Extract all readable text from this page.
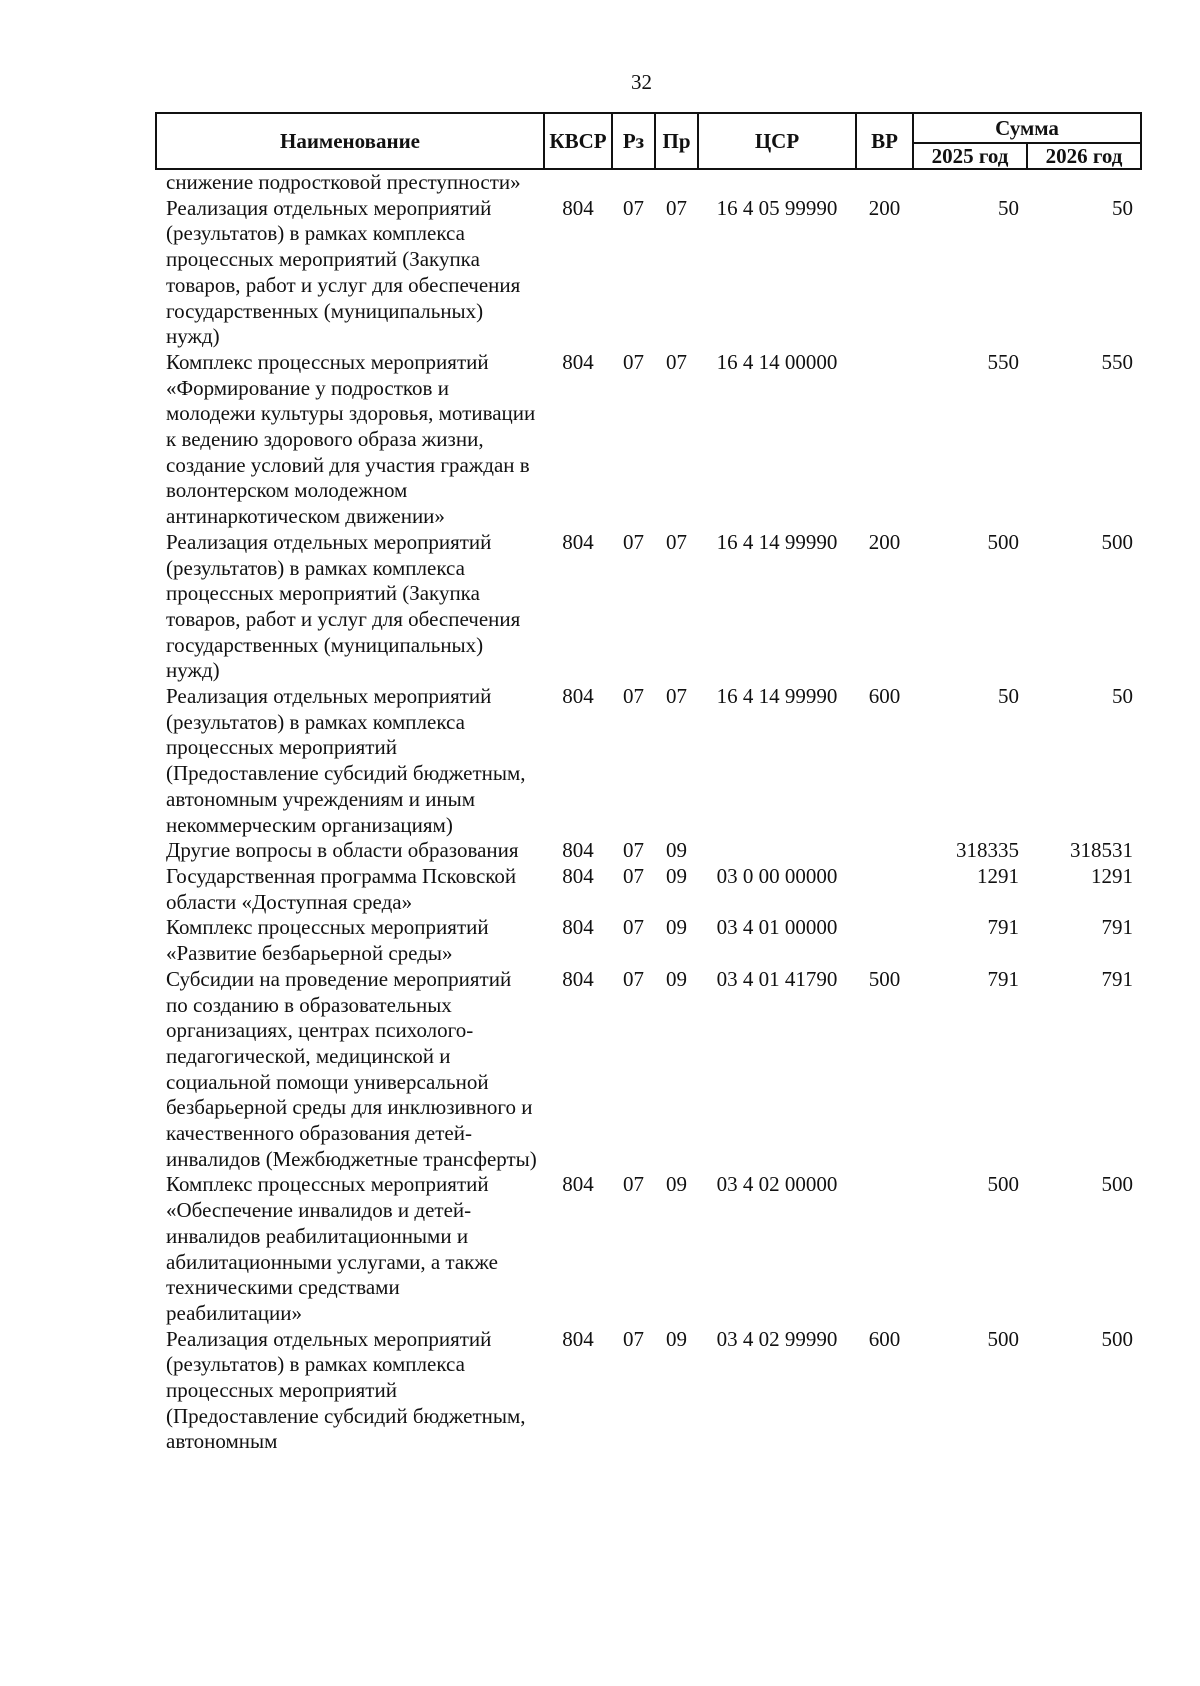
32
Наименование	КВСР	Рз	Пр	ЦСР	ВР	Сумма	
						2025 год	2026 год
снижение подростковой преступности»							
Реализация отдельных мероприятий (результатов) в рамках комплекса процессных мероприятий (Закупка товаров, работ и услуг для обеспечения государственных (муниципальных) нужд)	804	07	07	16 4 05 99990	200	50	50
Комплекс процессных мероприятий «Формирование у подростков и молодежи культуры здоровья, мотивации к ведению здорового образа жизни, создание условий для участия граждан в волонтерском молодежном антинаркотическом движении»	804	07	07	16 4 14 00000		550	550
Реализация отдельных мероприятий (результатов) в рамках комплекса процессных мероприятий (Закупка товаров, работ и услуг для обеспечения государственных (муниципальных) нужд)	804	07	07	16 4 14 99990	200	500	500
Реализация отдельных мероприятий (результатов) в рамках комплекса процессных мероприятий (Предоставление субсидий бюджетным, автономным учреждениям и иным некоммерческим организациям)	804	07	07	16 4 14 99990	600	50	50
Другие вопросы в области образования	804	07	09			318335	318531
Государственная программа Псковской области «Доступная среда»	804	07	09	03 0 00 00000		1291	1291
Комплекс процессных мероприятий «Развитие безбарьерной среды»	804	07	09	03 4 01 00000		791	791
Субсидии на проведение мероприятий по созданию в образовательных организациях, центрах психолого-педагогической, медицинской и социальной помощи универсальной безбарьерной среды для инклюзивного и качественного образования детей-инвалидов (Межбюджетные трансферты)	804	07	09	03 4 01 41790	500	791	791
Комплекс процессных мероприятий «Обеспечение инвалидов и детей-инвалидов реабилитационными и абилитационными услугами, а также техническими средствами реабилитации»	804	07	09	03 4 02 00000		500	500
Реализация отдельных мероприятий (результатов) в рамках комплекса процессных мероприятий (Предоставление субсидий бюджетным, автономным	804	07	09	03 4 02 99990	600	500	500
